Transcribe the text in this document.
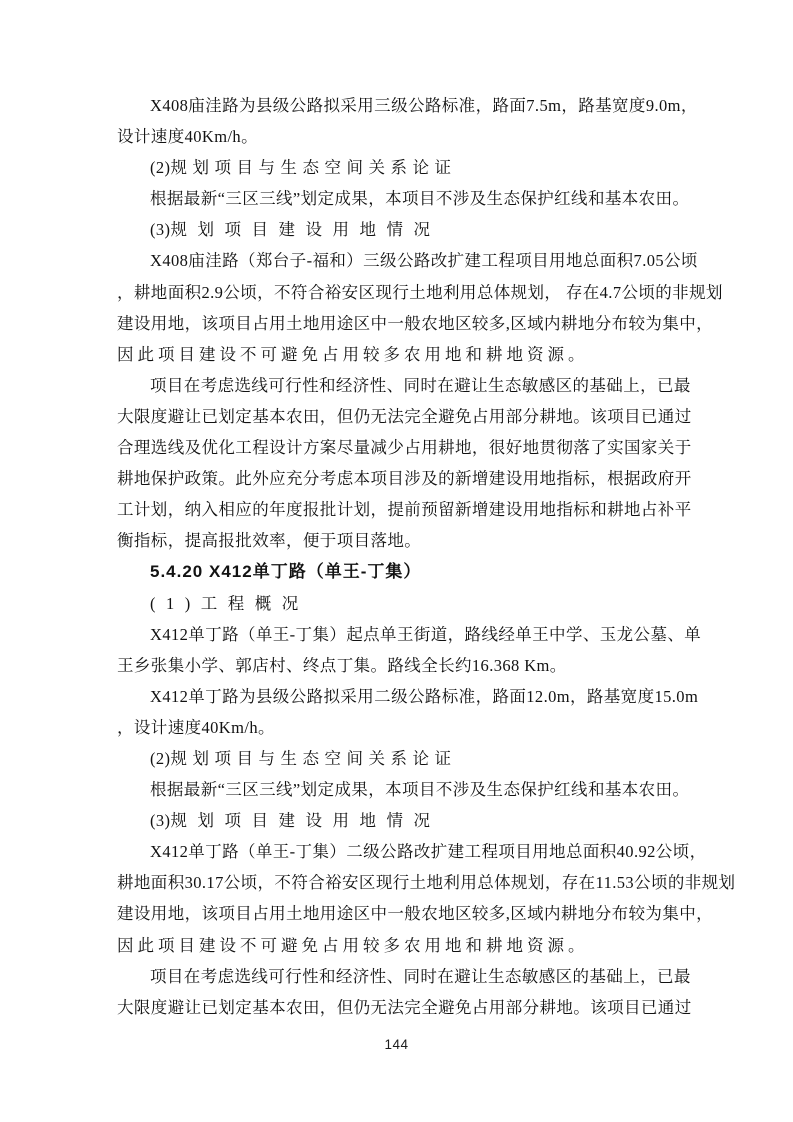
X408庙洼路为县级公路拟采用三级公路标准，路面7.5m，路基宽度9.0m，
设计速度40Km/h。
(2)规划项目与生态空间关系论证
根据最新“三区三线”划定成果，本项目不涉及生态保护红线和基本农田。
(3)规划项目建设用地情况
X408庙洼路（郑台子-福和）三级公路改扩建工程项目用地总面积7.05公顷
，耕地面积2.9公顷，不符合裕安区现行土地利用总体规划， 存在4.7公顷的非规划
建设用地，该项目占用土地用途区中一般农地区较多,区域内耕地分布较为集中，
因此项目建设不可避免占用较多农用地和耕地资源。
项目在考虑选线可行性和经济性、同时在避让生态敏感区的基础上，已最
大限度避让已划定基本农田，但仍无法完全避免占用部分耕地。该项目已通过
合理选线及优化工程设计方案尽量减少占用耕地，很好地贯彻落了实国家关于
耕地保护政策。此外应充分考虑本项目涉及的新增建设用地指标，根据政府开
工计划，纳入相应的年度报批计划，提前预留新增建设用地指标和耕地占补平
衡指标，提高报批效率，便于项目落地。
5.4.20 X412单丁路（单王-丁集）
(1)工程概况
X412单丁路（单王-丁集）起点单王街道，路线经单王中学、玉龙公墓、单
王乡张集小学、郭店村、终点丁集。路线全长约16.368 Km。
X412单丁路为县级公路拟采用二级公路标准，路面12.0m，路基宽度15.0m
，设计速度40Km/h。
(2)规划项目与生态空间关系论证
根据最新“三区三线”划定成果，本项目不涉及生态保护红线和基本农田。
(3)规划项目建设用地情况
X412单丁路（单王-丁集）二级公路改扩建工程项目用地总面积40.92公顷，
耕地面积30.17公顷，不符合裕安区现行土地利用总体规划，存在11.53公顷的非规划
建设用地，该项目占用土地用途区中一般农地区较多,区域内耕地分布较为集中，
因此项目建设不可避免占用较多农用地和耕地资源。
项目在考虑选线可行性和经济性、同时在避让生态敏感区的基础上，已最
大限度避让已划定基本农田，但仍无法完全避免占用部分耕地。该项目已通过
144
